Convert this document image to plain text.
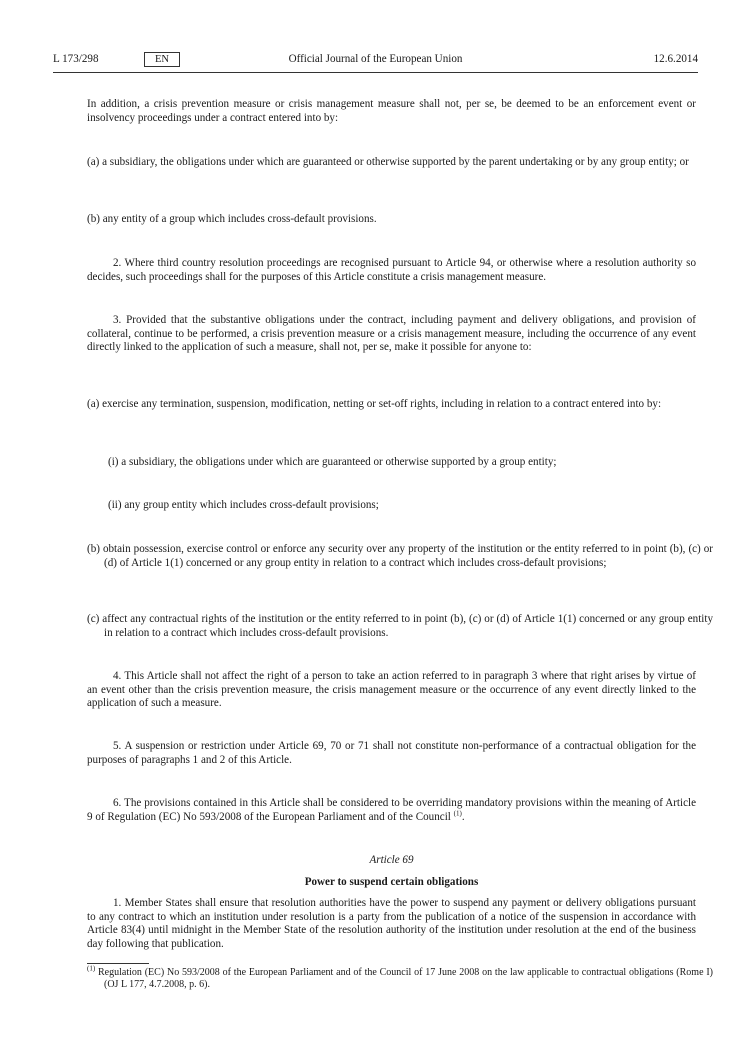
L 173/298	EN	Official Journal of the European Union	12.6.2014

In addition, a crisis prevention measure or crisis management measure shall not, per se, be deemed to be an enforcement event or insolvency proceedings under a contract entered into by:

(a) a subsidiary, the obligations under which are guaranteed or otherwise supported by the parent undertaking or by any group entity; or

(b) any entity of a group which includes cross-default provisions.

2. Where third country resolution proceedings are recognised pursuant to Article 94, or otherwise where a resolution authority so decides, such proceedings shall for the purposes of this Article constitute a crisis management measure.

3. Provided that the substantive obligations under the contract, including payment and delivery obligations, and provision of collateral, continue to be performed, a crisis prevention measure or a crisis management measure, including the occurrence of any event directly linked to the application of such a measure, shall not, per se, make it possible for anyone to:

(a) exercise any termination, suspension, modification, netting or set-off rights, including in relation to a contract entered into by:

(i) a subsidiary, the obligations under which are guaranteed or otherwise supported by a group entity;

(ii) any group entity which includes cross-default provisions;

(b) obtain possession, exercise control or enforce any security over any property of the institution or the entity referred to in point (b), (c) or (d) of Article 1(1) concerned or any group entity in relation to a contract which includes cross-default provisions;

(c) affect any contractual rights of the institution or the entity referred to in point (b), (c) or (d) of Article 1(1) concerned or any group entity in relation to a contract which includes cross-default provisions.

4. This Article shall not affect the right of a person to take an action referred to in paragraph 3 where that right arises by virtue of an event other than the crisis prevention measure, the crisis management measure or the occurrence of any event directly linked to the application of such a measure.

5. A suspension or restriction under Article 69, 70 or 71 shall not constitute non-performance of a contractual obligation for the purposes of paragraphs 1 and 2 of this Article.

6. The provisions contained in this Article shall be considered to be overriding mandatory provisions within the meaning of Article 9 of Regulation (EC) No 593/2008 of the European Parliament and of the Council $^{(1)}$.

Article 69

Power to suspend certain obligations

1. Member States shall ensure that resolution authorities have the power to suspend any payment or delivery obligations pursuant to any contract to which an institution under resolution is a party from the publication of a notice of the suspension in accordance with Article 83(4) until midnight in the Member State of the resolution authority of the institution under resolution at the end of the business day following that publication.

$^{(1)}$ Regulation (EC) No 593/2008 of the European Parliament and of the Council of 17 June 2008 on the law applicable to contractual obligations (Rome I) (OJ L 177, 4.7.2008, p. 6).
